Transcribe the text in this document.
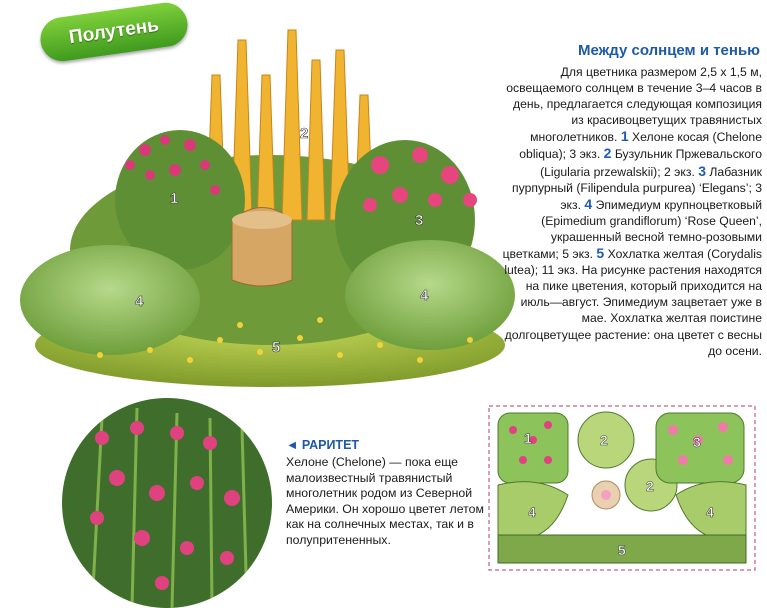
1
2
3
4	4
5
Полутень
Между солнцем и тенью
Для цветника размером 2,5 х 1,5 м, освещаемого солнцем в течение 3–4 часов в день, предлагается следующая композиция из красивоцветущих травянистых многолетников. 1 Хелоне косая (Chelone obliqua); 3 экз. 2 Бузульник Пржевальского (Ligularia przewalskii); 2 экз. 3 Лабазник пурпурный (Filipendula purpurea) ‘Elegans’; 3 экз. 4 Эпимедиум крупноцветковый (Epimedium grandiflorum) ‘Rose Queen’, украшенный весной темно-розовыми цветками; 5 экз. 5 Хохлатка желтая (Corydalis lutea); 11 экз. На рисунке растения находятся на пике цветения, который приходится на июль—август. Эпимедиум зацветает уже в мае. Хохлатка желтая поистине долгоцветущее растение: она цветет с весны до осени.
◄ РАРИТЕТ
Хелоне (Chelone) — пока еще малоизвестный травянистый многолетник родом из Северной Америки. Он хорошо цветет летом как на солнечных местах, так и в полупритененных.
1	2	3
2
4	4
5
